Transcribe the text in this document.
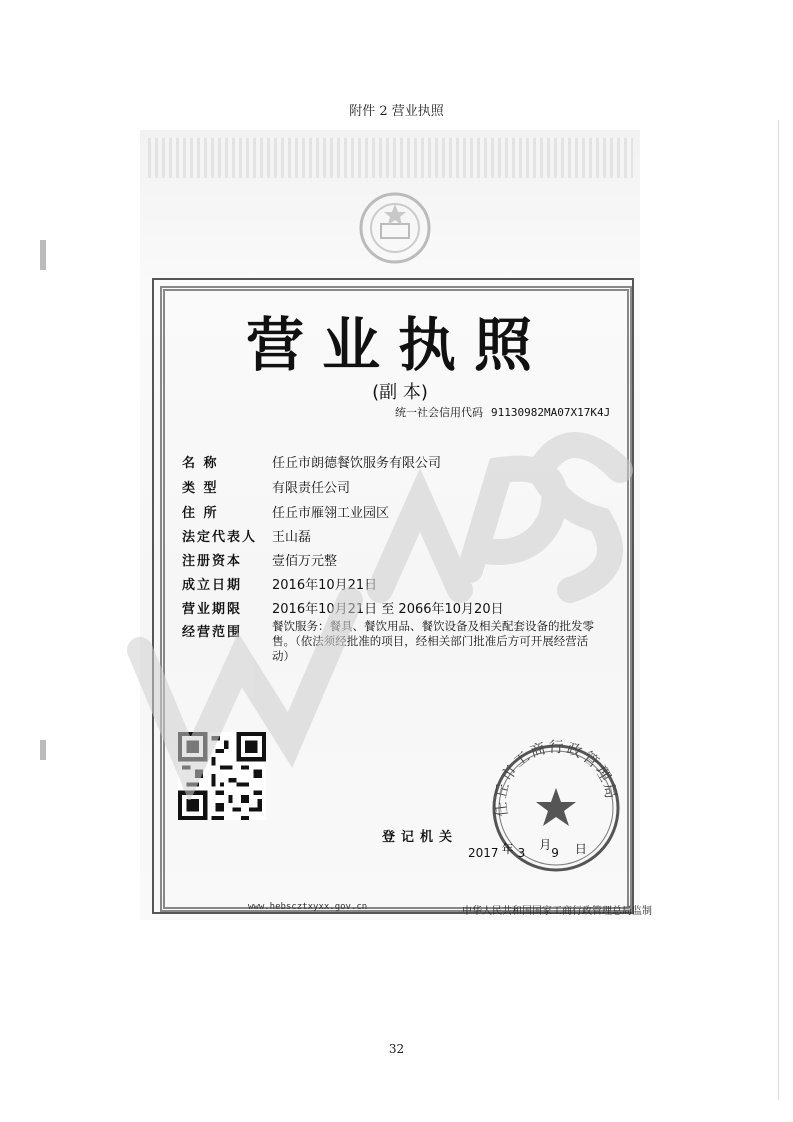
附件 2 营业执照
营业执照
(副 本)
统一社会信用代码 91130982MA07X17K4J
名 称	任丘市朗德餐饮服务有限公司
类 型	有限责任公司
住 所	任丘市雁翎工业园区
法定代表人 王山磊
注册资本 壹佰万元整
成立日期 2016年10月21日
营业期限 2016年10月21日 至 2066年10月20日
经营范围	餐饮服务：餐具、餐饮用品、餐饮设备及相关配套设备的批发零售。（依法须经批准的项目，经相关部门批准后方可开展经营活动）
登记机关
任丘市工商行政管理局
2017 年 3月9 日
www.hebscztxyxx.gov.cn	中华人民共和国国家工商行政管理总局监制
32
